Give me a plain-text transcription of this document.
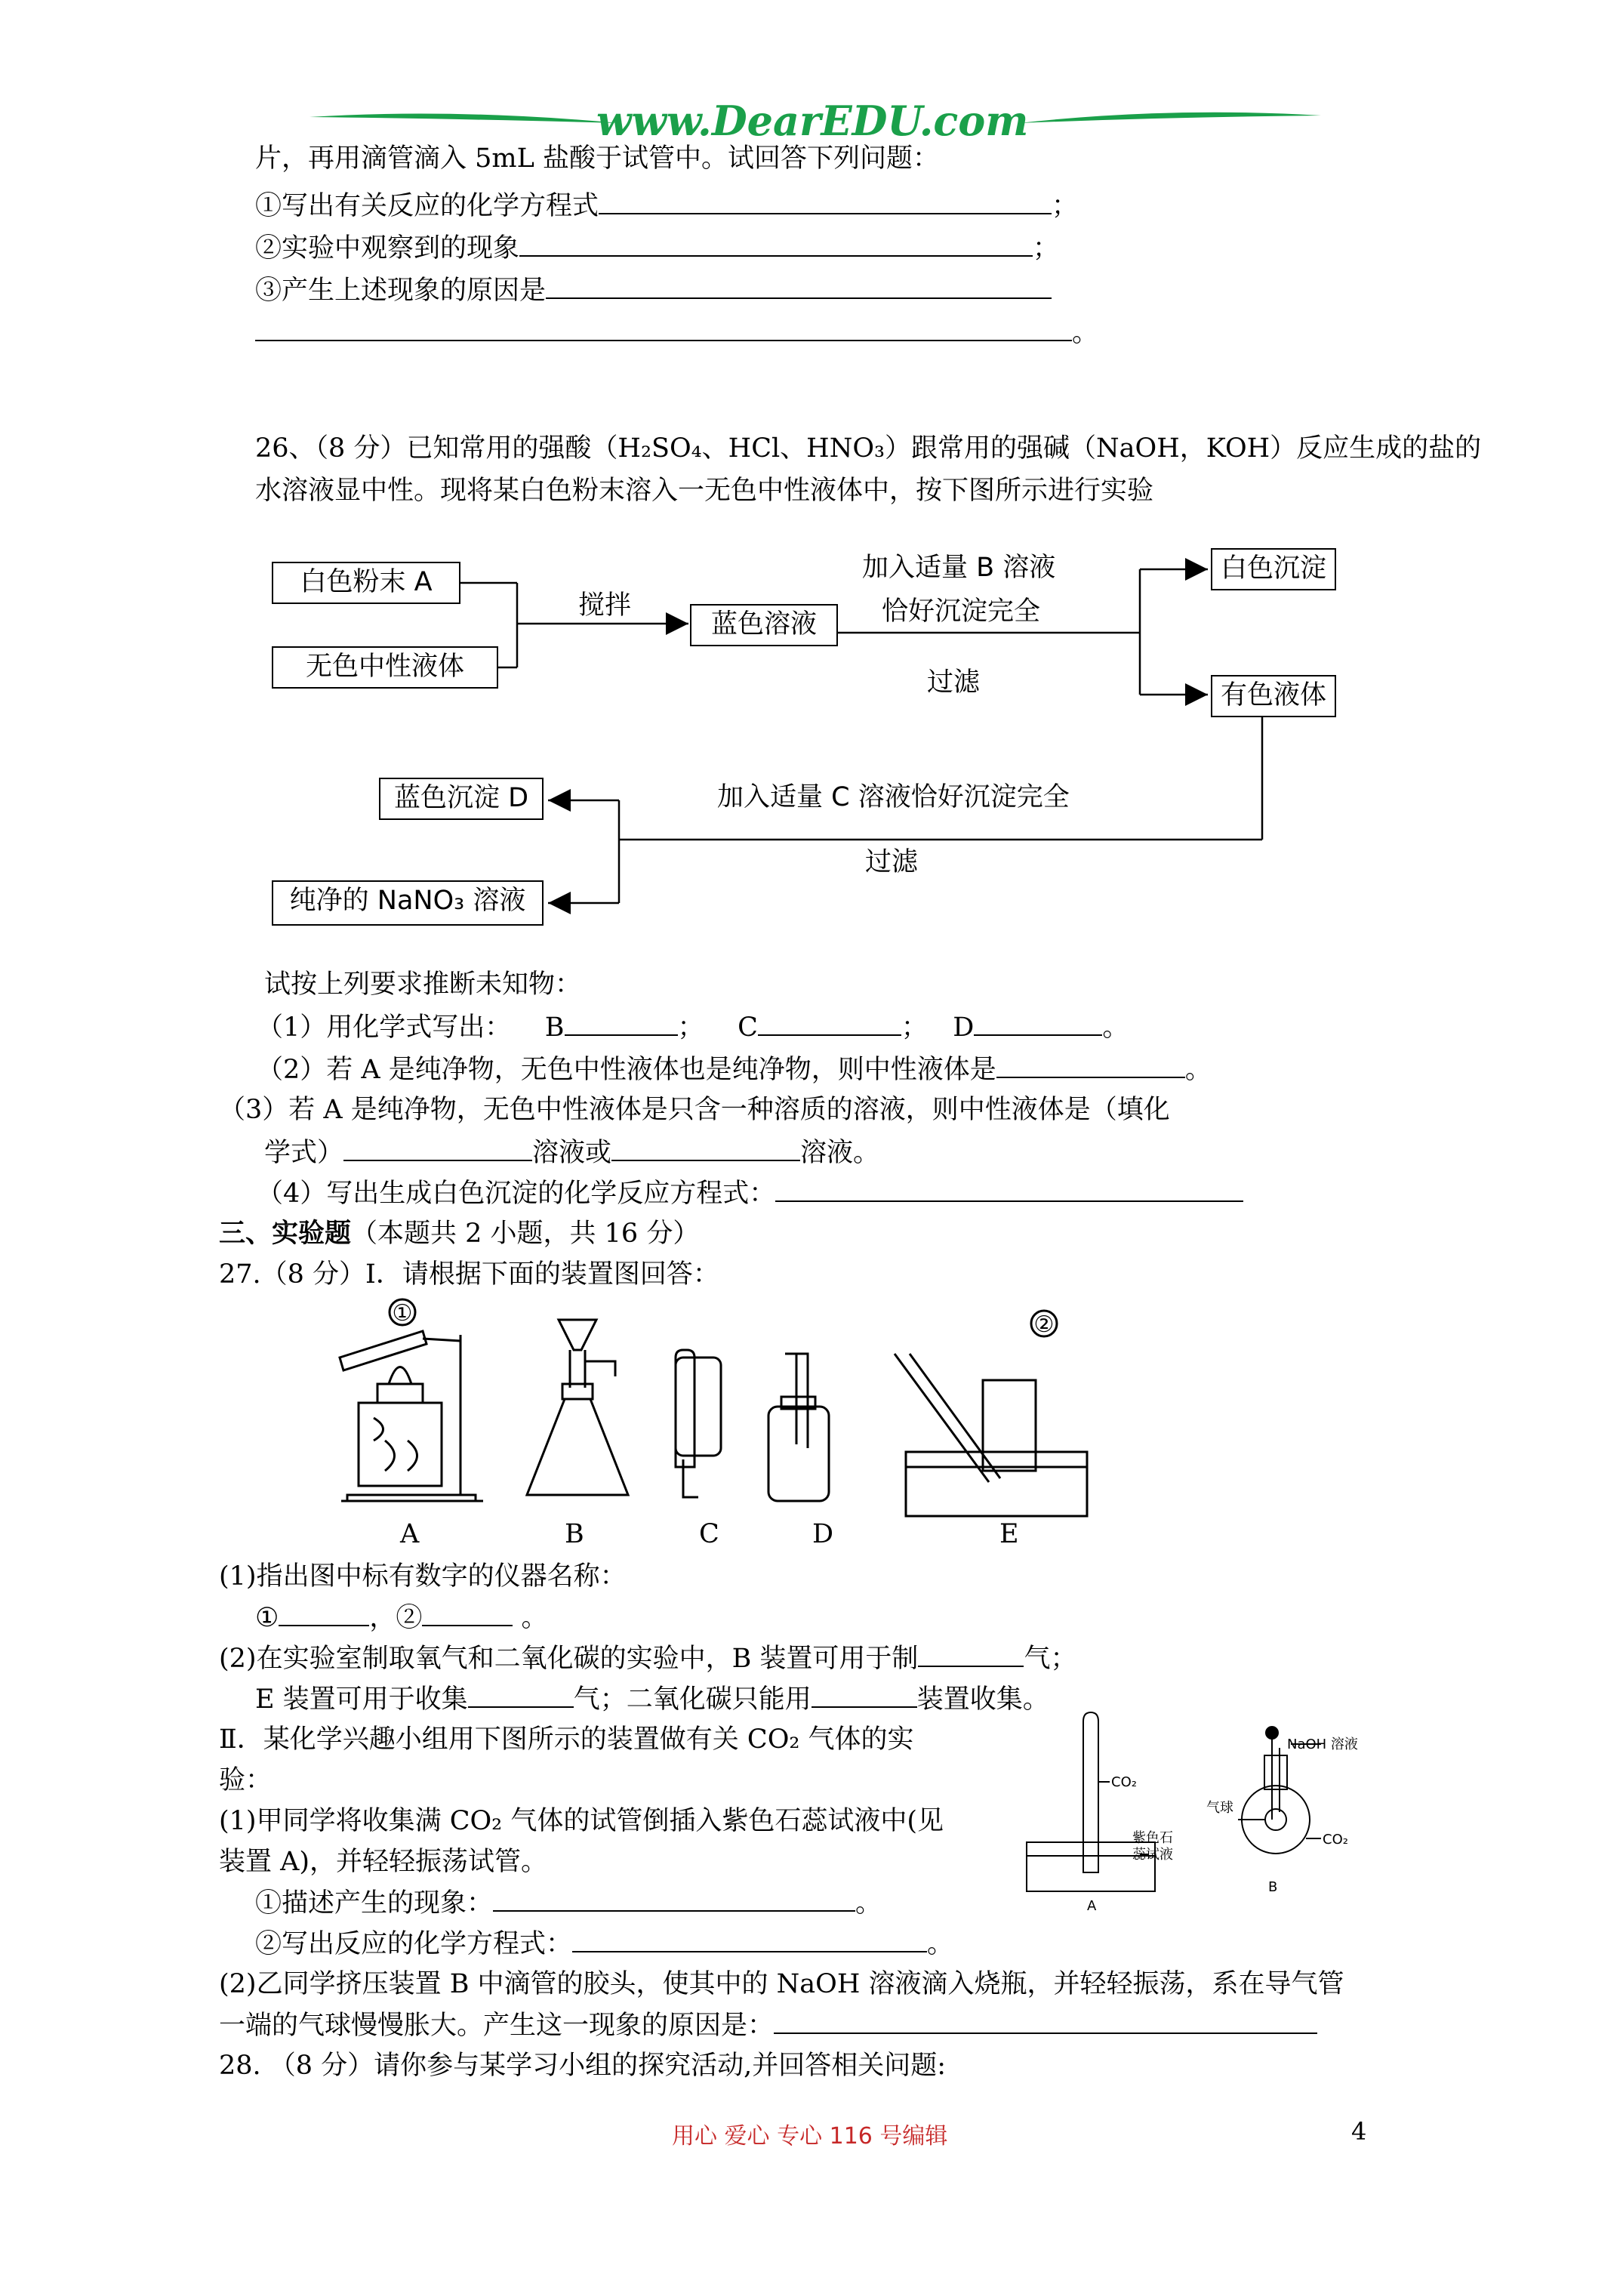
www.DearEDU.com
片，再用滴管滴入 5mL 盐酸于试管中。试回答下列问题：
①写出有关反应的化学方程式	；
②实验中观察到的现象	；
③产生上述现象的原因是
。
26、（8 分）已知常用的强酸（H₂SO₄、HCl、HNO₃）跟常用的强碱（NaOH，KOH）反应生成的盐的
水溶液显中性。现将某白色粉末溶入一无色中性液体中，按下图所示进行实验
白色粉末 A
无色中性液体
搅拌
蓝色溶液
加入适量 B 溶液
恰好沉淀完全
过滤
白色沉淀
有色液体
加入适量 C 溶液恰好沉淀完全
过滤
蓝色沉淀 D
纯净的 NaNO₃ 溶液
试按上列要求推断未知物：
（1）用化学式写出： B	； C	； D	。
（2）若 A 是纯净物，无色中性液体也是纯净物，则中性液体是	。
（3）若 A 是纯净物，无色中性液体是只含一种溶质的溶液，则中性液体是（填化
学式）	溶液或	溶液。
（4）写出生成白色沉淀的化学反应方程式：
三、实验题（本题共 2 小题，共 16 分）
27.（8 分）I．请根据下面的装置图回答：
①	②
A	B	C	D	E
(1)指出图中标有数字的仪器名称：
①	，②	。
(2)在实验室制取氧气和二氧化碳的实验中，B 装置可用于制	气；
E 装置可用于收集	气；二氧化碳只能用	装置收集。
Ⅱ．某化学兴趣小组用下图所示的装置做有关 CO₂ 气体的实
验：
(1)甲同学将收集满 CO₂ 气体的试管倒插入紫色石蕊试液中(见
装置 A)，并轻轻振荡试管。
①描述产生的现象：	。
②写出反应的化学方程式：	。
(2)乙同学挤压装置 B 中滴管的胶头，使其中的 NaOH 溶液滴入烧瓶，并轻轻振荡，系在导气管
一端的气球慢慢胀大。产生这一现象的原因是：
CO₂
紫色石
蕊试液
A
NaOH 溶液
气球
CO₂
B
28. （8 分）请你参与某学习小组的探究活动,并回答相关问题:
用心 爱心 专心 116 号编辑	4
